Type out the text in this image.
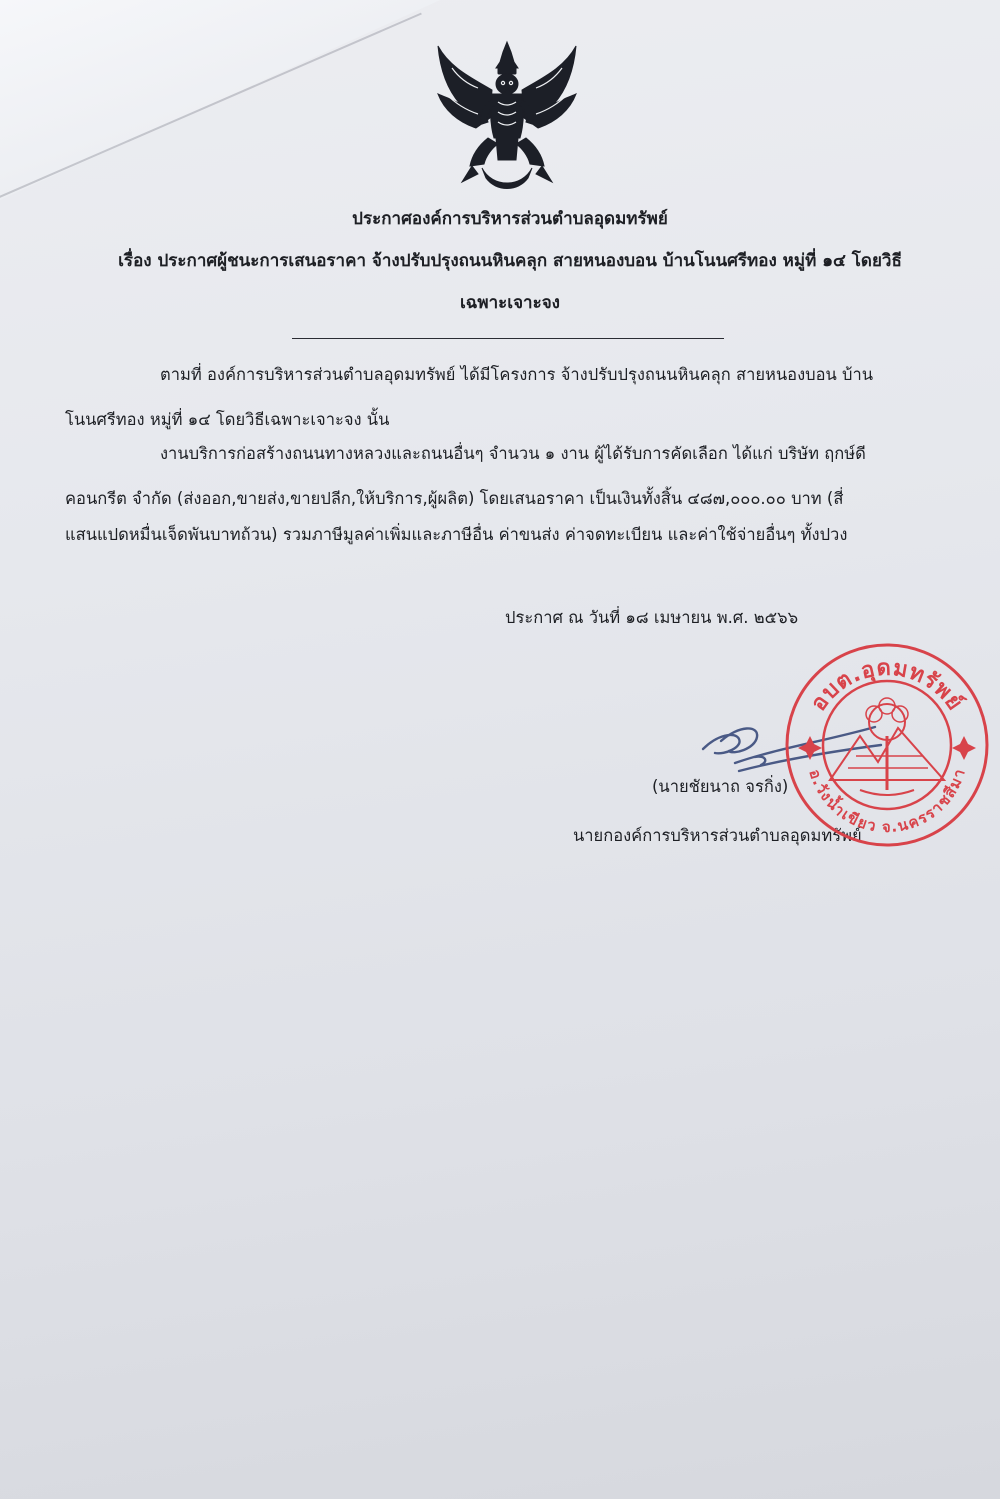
ประกาศองค์การบริหารส่วนตำบลอุดมทรัพย์
เรื่อง ประกาศผู้ชนะการเสนอราคา จ้างปรับปรุงถนนหินคลุก สายหนองบอน บ้านโนนศรีทอง หมู่ที่ ๑๔ โดยวิธี
เฉพาะเจาะจง
ตามที่ องค์การบริหารส่วนตำบลอุดมทรัพย์ ได้มีโครงการ จ้างปรับปรุงถนนหินคลุก สายหนองบอน บ้าน
โนนศรีทอง หมู่ที่ ๑๔ โดยวิธีเฉพาะเจาะจง นั้น
งานบริการก่อสร้างถนนทางหลวงและถนนอื่นๆ จำนวน ๑ งาน ผู้ได้รับการคัดเลือก ได้แก่ บริษัท ฤกษ์ดี
คอนกรีต จำกัด (ส่งออก,ขายส่ง,ขายปลีก,ให้บริการ,ผู้ผลิต) โดยเสนอราคา เป็นเงินทั้งสิ้น ๔๘๗,๐๐๐.๐๐ บาท (สี่
แสนแปดหมื่นเจ็ดพันบาทถ้วน) รวมภาษีมูลค่าเพิ่มและภาษีอื่น ค่าขนส่ง ค่าจดทะเบียน และค่าใช้จ่ายอื่นๆ ทั้งปวง
ประกาศ ณ วันที่ ๑๘ เมษายน พ.ศ. ๒๕๖๖
(นายชัยนาถ จรกิ่ง)
นายกองค์การบริหารส่วนตำบลอุดมทรัพย์
อบต.อุดมทรัพย์
อ.วังน้ำเขียว จ.นครราชสีมา
